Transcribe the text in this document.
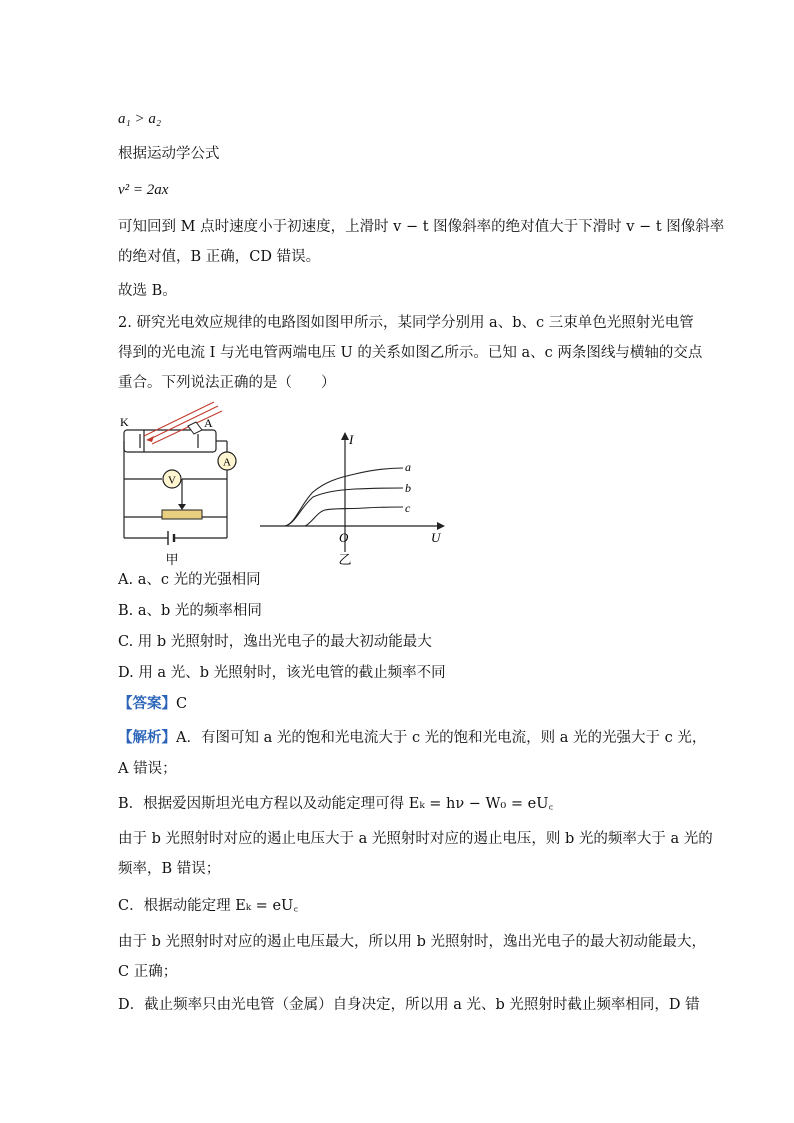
a₁ > a₂
根据运动学公式
v² = 2ax
可知回到 M 点时速度小于初速度，上滑时 v − t 图像斜率的绝对值大于下滑时 v − t 图像斜率
的绝对值，B 正确，CD 错误。
故选 B。
2. 研究光电效应规律的电路图如图甲所示，某同学分别用 a、b、c 三束单色光照射光电管
得到的光电流 I 与光电管两端电压 U 的关系如图乙所示。已知 a、c 两条图线与横轴的交点
重合。下列说法正确的是（　　）
A
V
K	A
甲
a
b
c
I
U
O
乙
A. a、c 光的光强相同
B. a、b 光的频率相同
C. 用 b 光照射时，逸出光电子的最大初动能最大
D. 用 a 光、b 光照射时，该光电管的截止频率不同
【答案】C
【解析】A．有图可知 a 光的饱和光电流大于 c 光的饱和光电流，则 a 光的光强大于 c 光，
A 错误；
B．根据爱因斯坦光电方程以及动能定理可得 Eₖ = hν − W₀ = eU꜀
由于 b 光照射时对应的遏止电压大于 a 光照射时对应的遏止电压，则 b 光的频率大于 a 光的
频率，B 错误；
C．根据动能定理 Eₖ = eU꜀
由于 b 光照射时对应的遏止电压最大，所以用 b 光照射时，逸出光电子的最大初动能最大，
C 正确；
D．截止频率只由光电管（金属）自身决定，所以用 a 光、b 光照射时截止频率相同，D 错
